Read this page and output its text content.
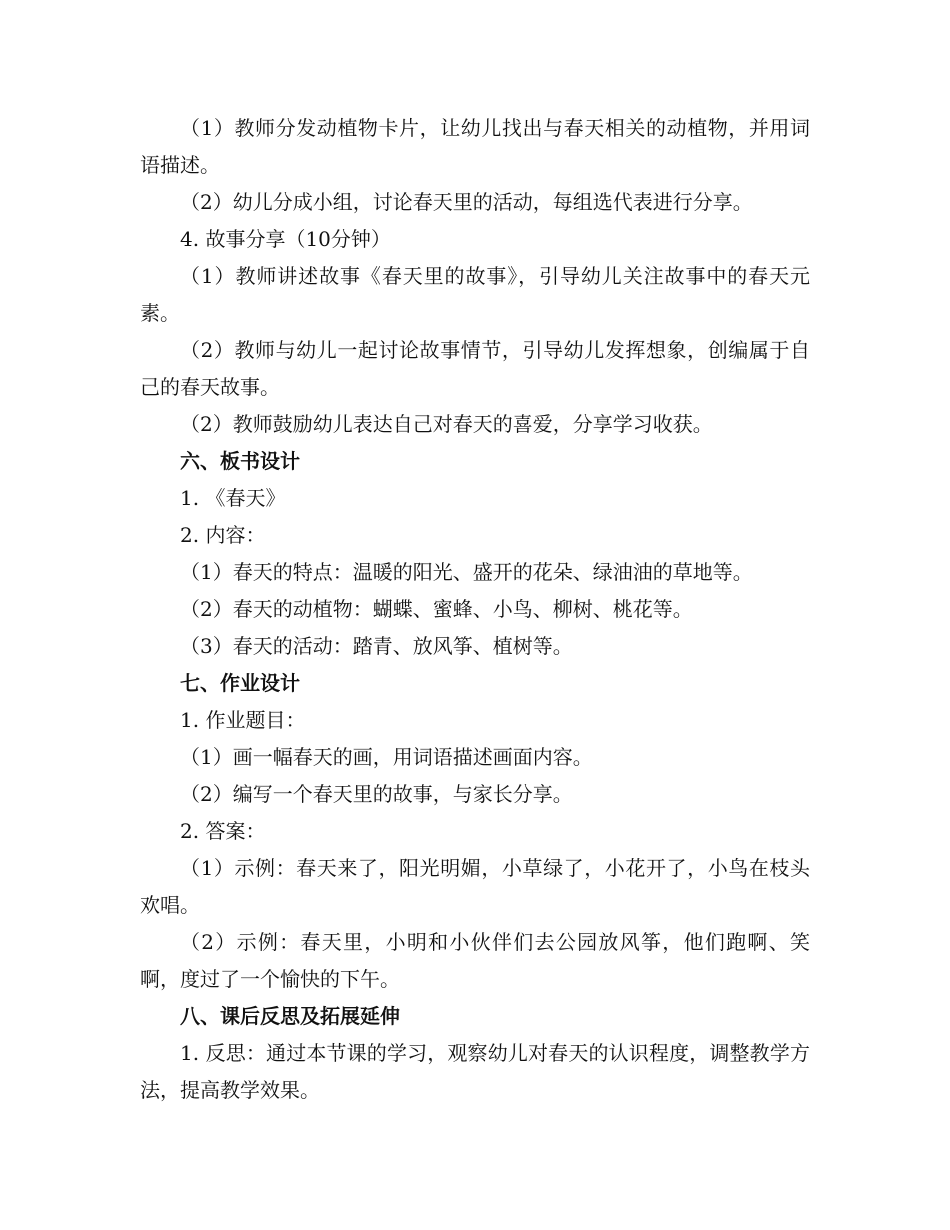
（1）教师分发动植物卡片，让幼儿找出与春天相关的动植物，并用词语描述。

（2）幼儿分成小组，讨论春天里的活动，每组选代表进行分享。

4. 故事分享（10分钟）

（1）教师讲述故事《春天里的故事》，引导幼儿关注故事中的春天元素。

（2）教师与幼儿一起讨论故事情节，引导幼儿发挥想象，创编属于自己的春天故事。

（2）教师鼓励幼儿表达自己对春天的喜爱，分享学习收获。

六、板书设计

1. 《春天》

2. 内容：

（1）春天的特点：温暖的阳光、盛开的花朵、绿油油的草地等。

（2）春天的动植物：蝴蝶、蜜蜂、小鸟、柳树、桃花等。

（3）春天的活动：踏青、放风筝、植树等。

七、作业设计

1. 作业题目：

（1）画一幅春天的画，用词语描述画面内容。

（2）编写一个春天里的故事，与家长分享。

2. 答案：

（1）示例：春天来了，阳光明媚，小草绿了，小花开了，小鸟在枝头欢唱。

（2）示例：春天里，小明和小伙伴们去公园放风筝，他们跑啊、笑啊，度过了一个愉快的下午。

八、课后反思及拓展延伸

1. 反思：通过本节课的学习，观察幼儿对春天的认识程度，调整教学方法，提高教学效果。
